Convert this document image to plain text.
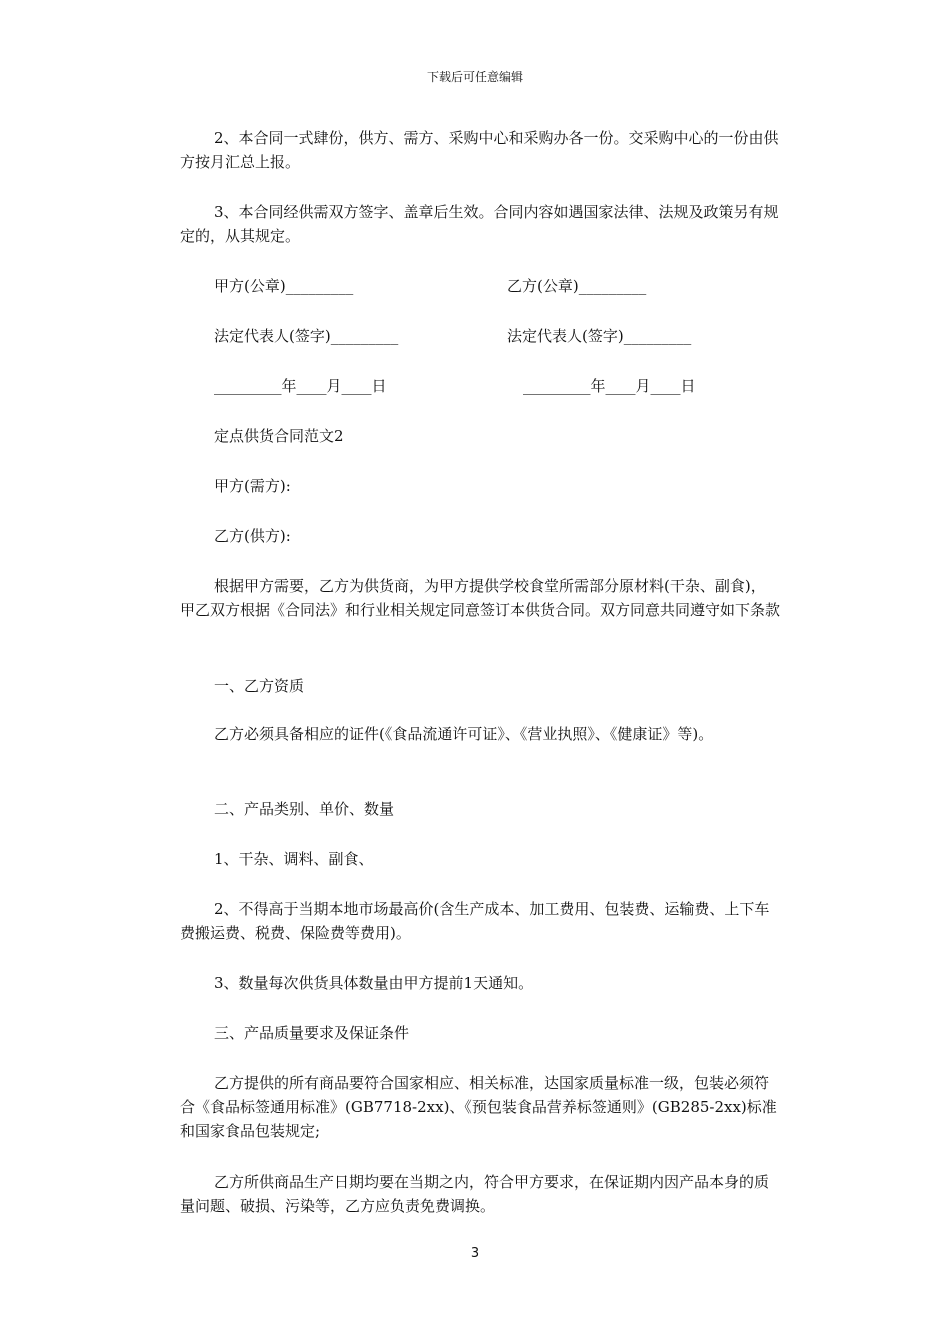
下载后可任意编辑

2、本合同一式肆份，供方、需方、采购中心和采购办各一份。交采购中心的一份由供方按月汇总上报。

3、本合同经供需双方签字、盖章后生效。合同内容如遇国家法律、法规及政策另有规定的，从其规定。

甲方(公章)_________	乙方(公章)_________
法定代表人(签字)_________	法定代表人(签字)_________
_________年____月____日	_________年____月____日

定点供货合同范文2

甲方(需方):

乙方(供方):

根据甲方需要，乙方为供货商，为甲方提供学校食堂所需部分原材料(干杂、副食)，甲乙双方根据《合同法》和行业相关规定同意签订本供货合同。双方同意共同遵守如下条款

一、乙方资质

乙方必须具备相应的证件(《食品流通许可证》、《营业执照》、《健康证》等)。

二、产品类别、单价、数量

1、干杂、调料、副食、

2、不得高于当期本地市场最高价(含生产成本、加工费用、包装费、运输费、上下车费搬运费、税费、保险费等费用)。

3、数量每次供货具体数量由甲方提前1天通知。

三、产品质量要求及保证条件

乙方提供的所有商品要符合国家相应、相关标准，达国家质量标准一级，包装必须符合《食品标签通用标准》(GB7718-2xx)、《预包装食品营养标签通则》(GB285-2xx)标准和国家食品包装规定;

乙方所供商品生产日期均要在当期之内，符合甲方要求，在保证期内因产品本身的质量问题、破损、污染等，乙方应负责免费调换。

3
